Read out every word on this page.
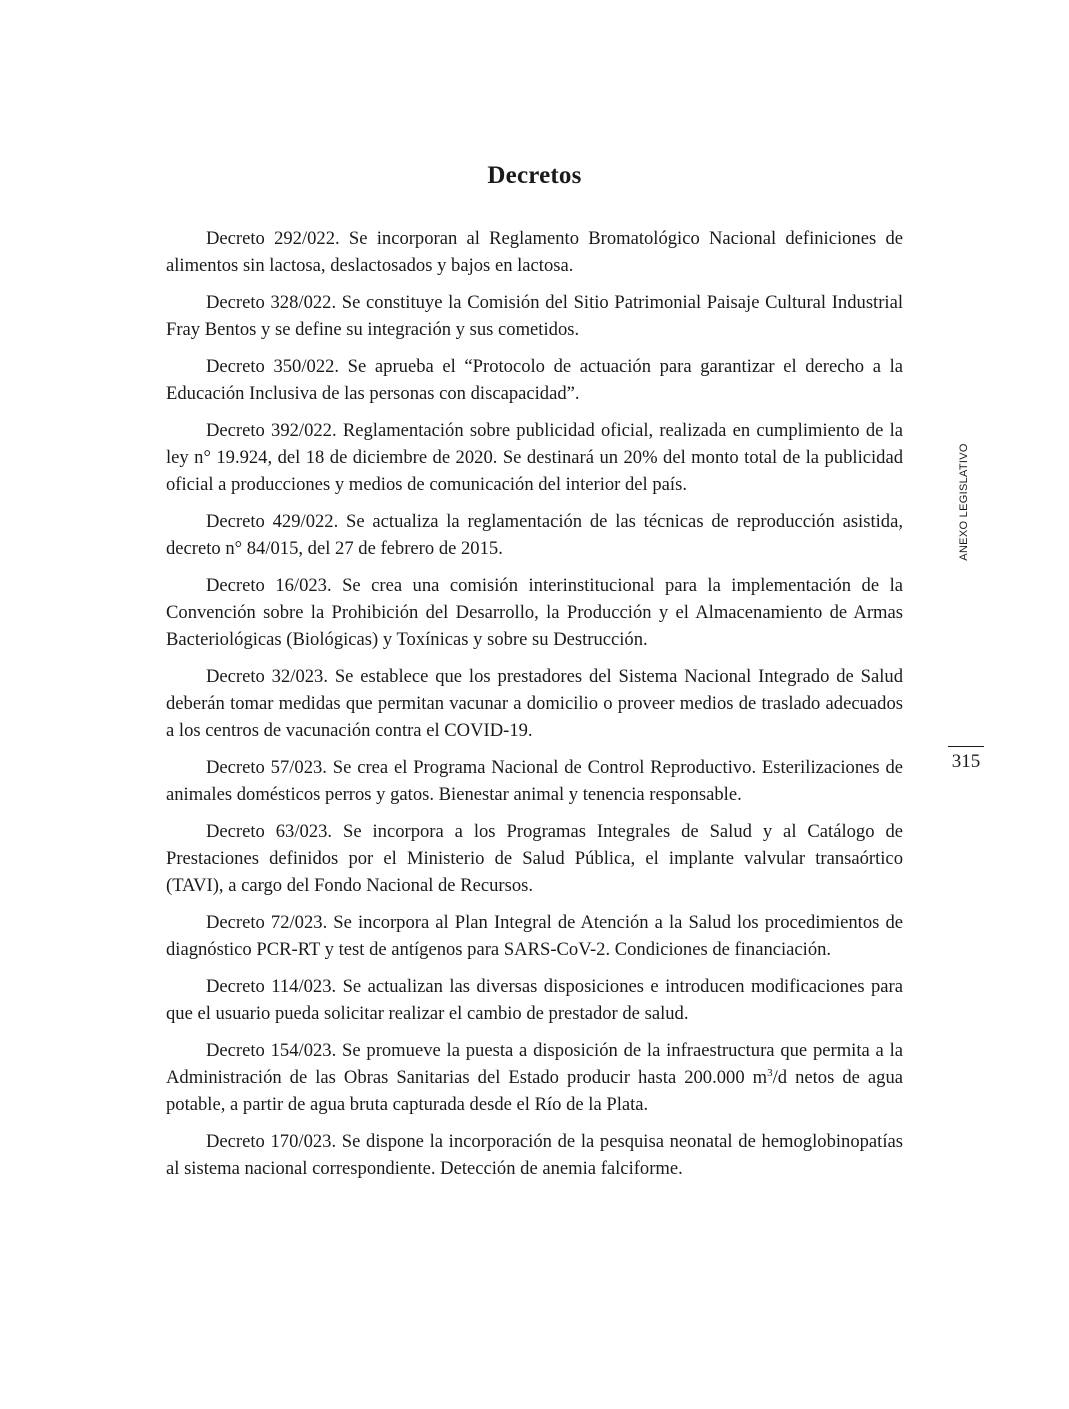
Decretos

Decreto 292/022. Se incorporan al Reglamento Bromatológico Nacional definiciones de alimentos sin lactosa, deslactosados y bajos en lactosa.

Decreto 328/022. Se constituye la Comisión del Sitio Patrimonial Paisaje Cultural Industrial Fray Bentos y se define su integración y sus cometidos.

Decreto 350/022. Se aprueba el “Protocolo de actuación para garantizar el derecho a la Educación Inclusiva de las personas con discapacidad”.

Decreto 392/022. Reglamentación sobre publicidad oficial, realizada en cumplimiento de la ley n° 19.924, del 18 de diciembre de 2020. Se destinará un 20% del monto total de la publicidad oficial a producciones y medios de comunicación del interior del país.

Decreto 429/022. Se actualiza la reglamentación de las técnicas de reproducción asistida, decreto n° 84/015, del 27 de febrero de 2015.

Decreto 16/023. Se crea una comisión interinstitucional para la implementación de la Convención sobre la Prohibición del Desarrollo, la Producción y el Almacenamiento de Armas Bacteriológicas (Biológicas) y Toxínicas y sobre su Destrucción.

Decreto 32/023. Se establece que los prestadores del Sistema Nacional Integrado de Salud deberán tomar medidas que permitan vacunar a domicilio o proveer medios de traslado adecuados a los centros de vacunación contra el COVID-19.

Decreto 57/023. Se crea el Programa Nacional de Control Reproductivo. Esterilizaciones de animales domésticos perros y gatos. Bienestar animal y tenencia responsable.

Decreto 63/023. Se incorpora a los Programas Integrales de Salud y al Catálogo de Prestaciones definidos por el Ministerio de Salud Pública, el implante valvular transaórtico (TAVI), a cargo del Fondo Nacional de Recursos.

Decreto 72/023. Se incorpora al Plan Integral de Atención a la Salud los procedimientos de diagnóstico PCR-RT y test de antígenos para SARS-CoV-2. Condiciones de financiación.

Decreto 114/023. Se actualizan las diversas disposiciones e introducen modificaciones para que el usuario pueda solicitar realizar el cambio de prestador de salud.

Decreto 154/023. Se promueve la puesta a disposición de la infraestructura que permita a la Administración de las Obras Sanitarias del Estado producir hasta 200.000 $m^3/d$ netos de agua potable, a partir de agua bruta capturada desde el Río de la Plata.

Decreto 170/023. Se dispone la incorporación de la pesquisa neonatal de hemoglobinopatías al sistema nacional correspondiente. Detección de anemia falciforme.

ANEXO LEGISLATIVO
315
